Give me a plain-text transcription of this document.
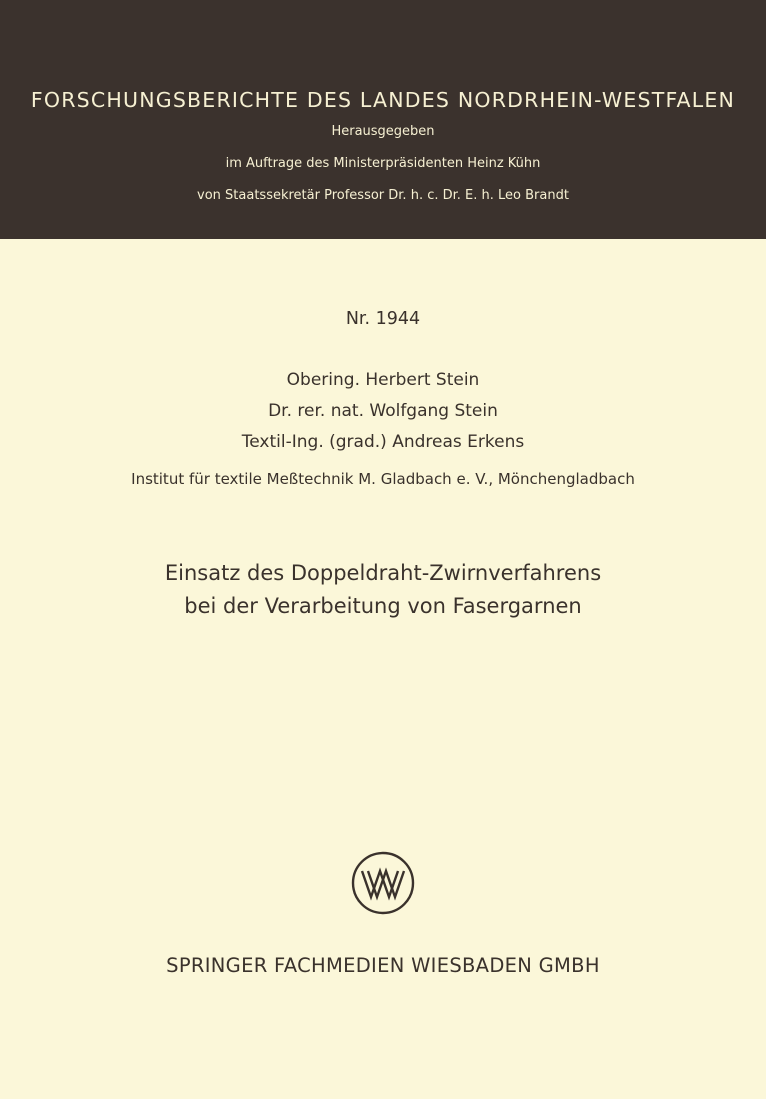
FORSCHUNGSBERICHTE DES LANDES NORDRHEIN-WESTFALEN
Herausgegeben
im Auftrage des Ministerpräsidenten Heinz Kühn
von Staatssekretär Professor Dr. h. c. Dr. E. h. Leo Brandt
Nr. 1944
Obering. Herbert Stein
Dr. rer. nat. Wolfgang Stein
Textil-Ing. (grad.) Andreas Erkens
Institut für textile Meßtechnik M. Gladbach e. V., Mönchengladbach
Einsatz des Doppeldraht-Zwirnverfahrens
bei der Verarbeitung von Fasergarnen
SPRINGER FACHMEDIEN WIESBADEN GMBH
